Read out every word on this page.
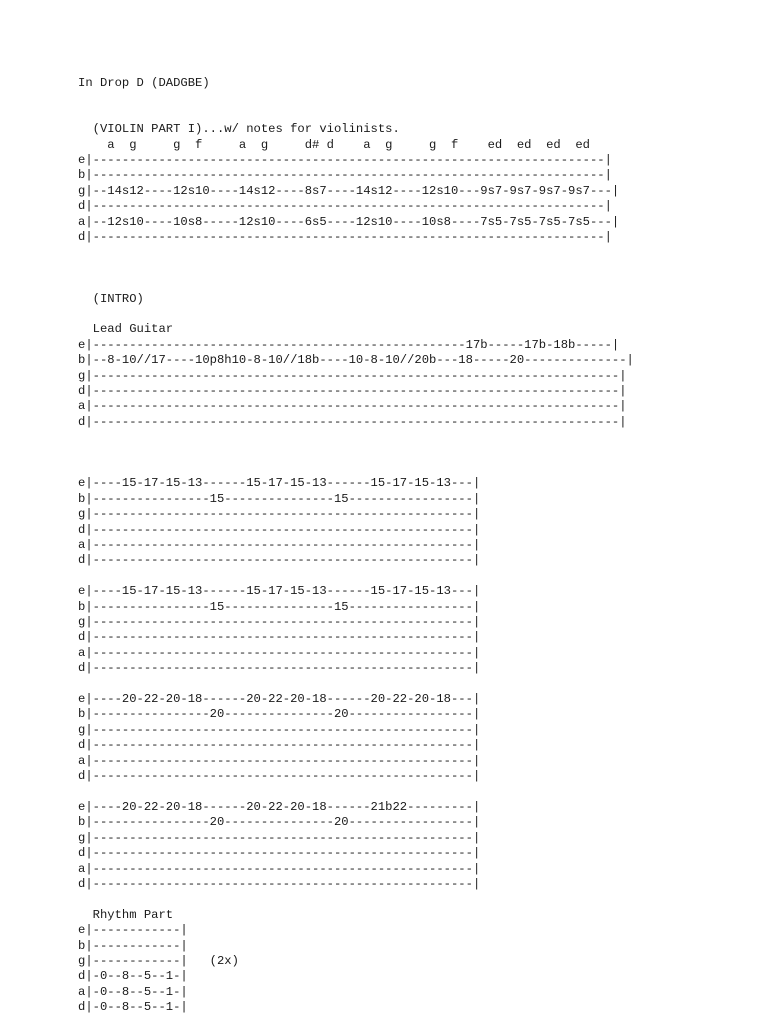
In Drop D (DADGBE)
(VIOLIN PART I)...w/ notes for violinists.
a  g     g  f     a  g     d# d    a  g     g  f    ed  ed  ed  ed
e|----------------------------------------------------------------------|
b|----------------------------------------------------------------------|
g|--14s12----12s10----14s12----8s7----14s12----12s10---9s7-9s7-9s7-9s7---|
d|----------------------------------------------------------------------|
a|--12s10----10s8-----12s10----6s5----12s10----10s8----7s5-7s5-7s5-7s5---|
d|----------------------------------------------------------------------|
(INTRO)
Lead Guitar
e|---------------------------------------------------17b-----17b-18b-----|
b|--8-10//17----10p8h10-8-10//18b----10-8-10//20b---18-----20--------------|
g|------------------------------------------------------------------------|
d|------------------------------------------------------------------------|
a|------------------------------------------------------------------------|
d|------------------------------------------------------------------------|
e|----15-17-15-13------15-17-15-13------15-17-15-13---|
b|----------------15---------------15-----------------|
g|----------------------------------------------------|
d|----------------------------------------------------|
a|----------------------------------------------------|
d|----------------------------------------------------|
e|----15-17-15-13------15-17-15-13------15-17-15-13---|
b|----------------15---------------15-----------------|
g|----------------------------------------------------|
d|----------------------------------------------------|
a|----------------------------------------------------|
d|----------------------------------------------------|
e|----20-22-20-18------20-22-20-18------20-22-20-18---|
b|----------------20---------------20-----------------|
g|----------------------------------------------------|
d|----------------------------------------------------|
a|----------------------------------------------------|
d|----------------------------------------------------|
e|----20-22-20-18------20-22-20-18------21b22---------|
b|----------------20---------------20-----------------|
g|----------------------------------------------------|
d|----------------------------------------------------|
a|----------------------------------------------------|
d|----------------------------------------------------|
Rhythm Part
e|------------|
b|------------|
g|------------|   (2x)
d|-0--8--5--1-|
a|-0--8--5--1-|
d|-0--8--5--1-|
